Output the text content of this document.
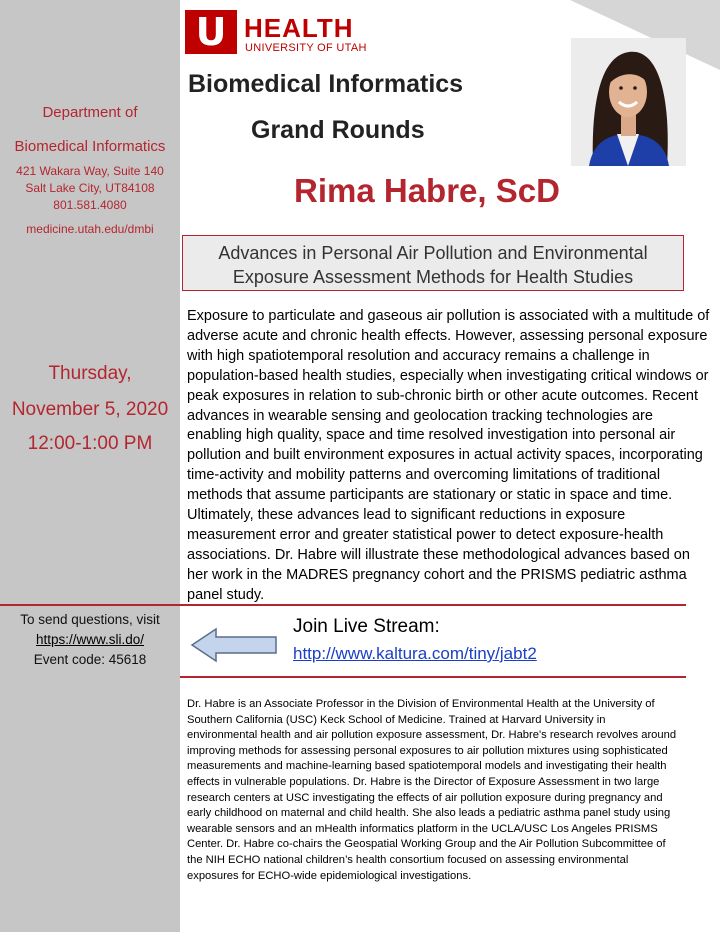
Department of
Biomedical Informatics
421 Wakara Way, Suite 140
Salt Lake City, UT84108
801.581.4080
medicine.utah.edu/dmbi
Thursday,
November 5, 2020
12:00-1:00 PM
U HEALTH
UNIVERSITY OF UTAH
Biomedical Informatics
Grand Rounds
Rima Habre, ScD
Advances in Personal Air Pollution and Environmental
Exposure Assessment Methods for Health Studies
Exposure to particulate and gaseous air pollution is associated with a multitude of adverse acute and chronic health effects. However, assessing personal exposure with high spatiotemporal resolution and accuracy remains a challenge in population-based health studies, especially when investigating critical windows or peak exposures in relation to sub-chronic birth or other acute outcomes. Recent advances in wearable sensing and geolocation tracking technologies are enabling high quality, space and time resolved investigation into personal air pollution and built environment exposures in actual activity spaces, incorporating time-activity and mobility patterns and overcoming limitations of traditional methods that assume participants are stationary or static in space and time. Ultimately, these advances lead to significant reductions in exposure measurement error and greater statistical power to detect exposure-health associations. Dr. Habre will illustrate these methodological advances based on her work in the MADRES pregnancy cohort and the PRISMS pediatric asthma panel study.
To send questions, visit
https://www.sli.do/
Event code: 45618
Join Live Stream:
http://www.kaltura.com/tiny/jabt2
Dr. Habre is an Associate Professor in the Division of Environmental Health at the University of Southern California (USC) Keck School of Medicine. Trained at Harvard University in environmental health and air pollution exposure assessment, Dr. Habre's research revolves around improving methods for assessing personal exposures to air pollution mixtures using sophisticated measurements and machine-learning based spatiotemporal models and investigating their health effects in vulnerable populations. Dr. Habre is the Director of Exposure Assessment in two large research centers at USC investigating the effects of air pollution exposure during pregnancy and early childhood on maternal and child health. She also leads a pediatric asthma panel study using wearable sensors and an mHealth informatics platform in the UCLA/USC Los Angeles PRISMS Center. Dr. Habre co-chairs the Geospatial Working Group and the Air Pollution Subcommittee of the NIH ECHO national children’s health consortium focused on assessing environmental exposures for ECHO-wide epidemiological investigations.
